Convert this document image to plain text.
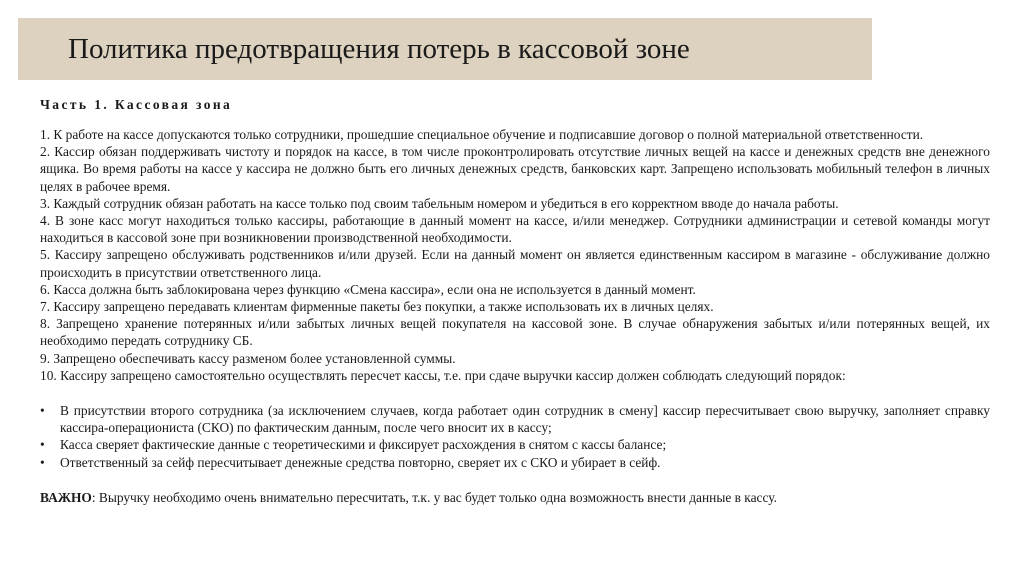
Политика предотвращения потерь в кассовой зоне
Часть 1. Кассовая зона

1. К работе на кассе допускаются только сотрудники, прошедшие специальное обучение и подписавшие договор о полной материальной ответственности.

2. Кассир обязан поддерживать чистоту и порядок на кассе, в том числе проконтролировать отсутствие личных вещей на кассе и денежных средств вне денежного ящика. Во время работы на кассе у кассира не должно быть его личных денежных средств, банковских карт. Запрещено использовать мобильный телефон в личных целях в рабочее время.

3. Каждый сотрудник обязан работать на кассе только под своим табельным номером и убедиться в его корректном вводе до начала работы.

4. В зоне касс могут находиться только кассиры, работающие в данный момент на кассе, и/или менеджер. Сотрудники администрации и сетевой команды могут находиться в кассовой зоне при возникновении производственной необходимости.

5. Кассиру запрещено обслуживать родственников и/или друзей. Если на данный момент он является единственным кассиром в магазине - обслуживание должно происходить в присутствии ответственного лица.

6. Касса должна быть заблокирована через функцию «Смена кассира», если она не используется в данный момент.

7. Кассиру запрещено передавать клиентам фирменные пакеты без покупки, а также использовать их в личных целях.

8. Запрещено хранение потерянных и/или забытых личных вещей покупателя на кассовой зоне. В случае обнаружения забытых и/или потерянных вещей, их необходимо передать сотруднику СБ.

9. Запрещено обеспечивать кассу разменом более установленной суммы.

10. Кассиру запрещено самостоятельно осуществлять пересчет кассы, т.е. при сдаче выручки кассир должен соблюдать следующий порядок:

•	В присутствии второго сотрудника (за исключением случаев, когда работает один сотрудник в смену] кассир пересчитывает свою выручку, заполняет справку кассира-операциониста (СКО) по фактическим данным, после чего вносит их в кассу;
•	Касса сверяет фактические данные с теоретическими и фиксирует расхождения в снятом с кассы балансе;
•	Ответственный за сейф пересчитывает денежные средства повторно, сверяет их с СКО и убирает в сейф.

ВАЖНО: Выручку необходимо очень внимательно пересчитать, т.к. у вас будет только одна возможность внести данные в кассу.
